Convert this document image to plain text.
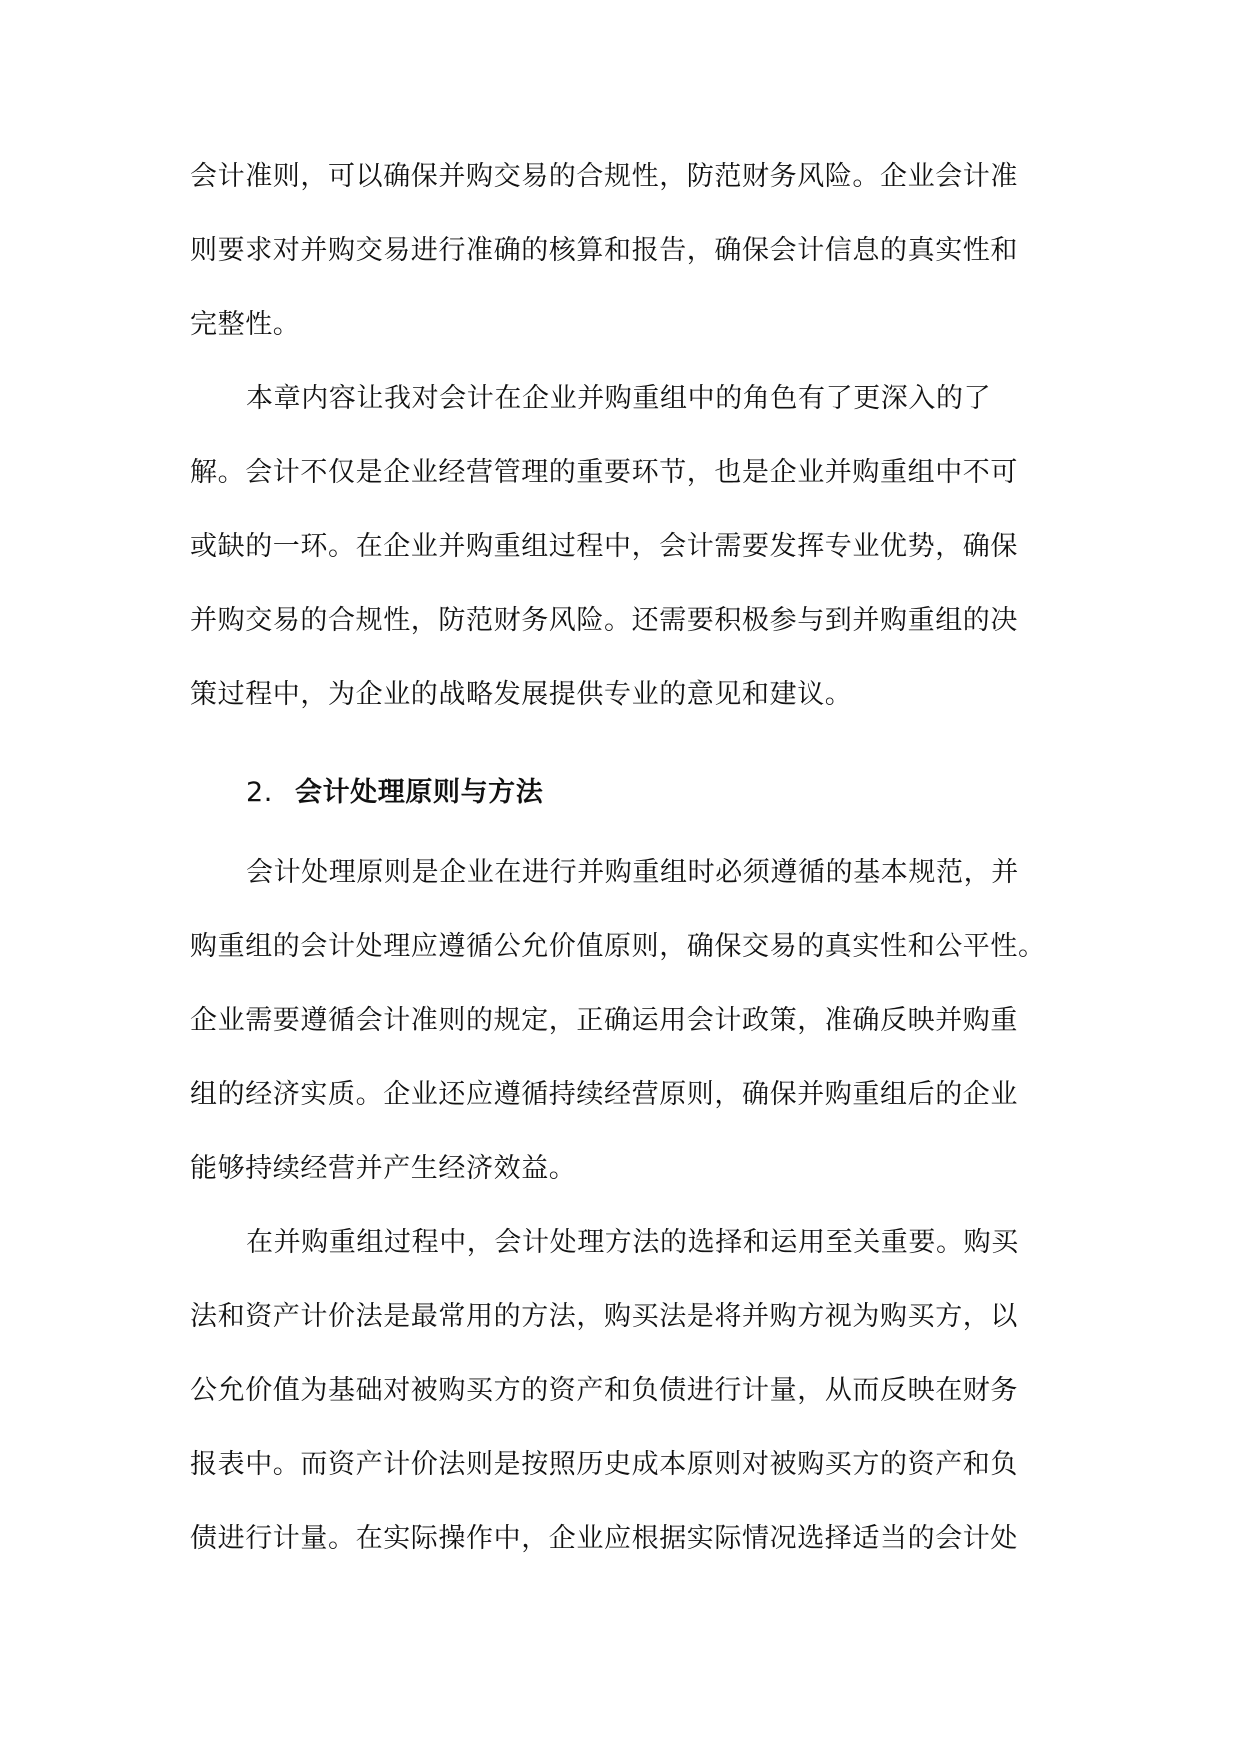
会计准则，可以确保并购交易的合规性，防范财务风险。企业会计准
则要求对并购交易进行准确的核算和报告，确保会计信息的真实性和
完整性。
本章内容让我对会计在企业并购重组中的角色有了更深入的了
解。会计不仅是企业经营管理的重要环节，也是企业并购重组中不可
或缺的一环。在企业并购重组过程中，会计需要发挥专业优势，确保
并购交易的合规性，防范财务风险。还需要积极参与到并购重组的决
策过程中，为企业的战略发展提供专业的意见和建议。
2. 会计处理原则与方法
会计处理原则是企业在进行并购重组时必须遵循的基本规范，并
购重组的会计处理应遵循公允价值原则，确保交易的真实性和公平性。
企业需要遵循会计准则的规定，正确运用会计政策，准确反映并购重
组的经济实质。企业还应遵循持续经营原则，确保并购重组后的企业
能够持续经营并产生经济效益。
在并购重组过程中，会计处理方法的选择和运用至关重要。购买
法和资产计价法是最常用的方法，购买法是将并购方视为购买方，以
公允价值为基础对被购买方的资产和负债进行计量，从而反映在财务
报表中。而资产计价法则是按照历史成本原则对被购买方的资产和负
债进行计量。在实际操作中，企业应根据实际情况选择适当的会计处
